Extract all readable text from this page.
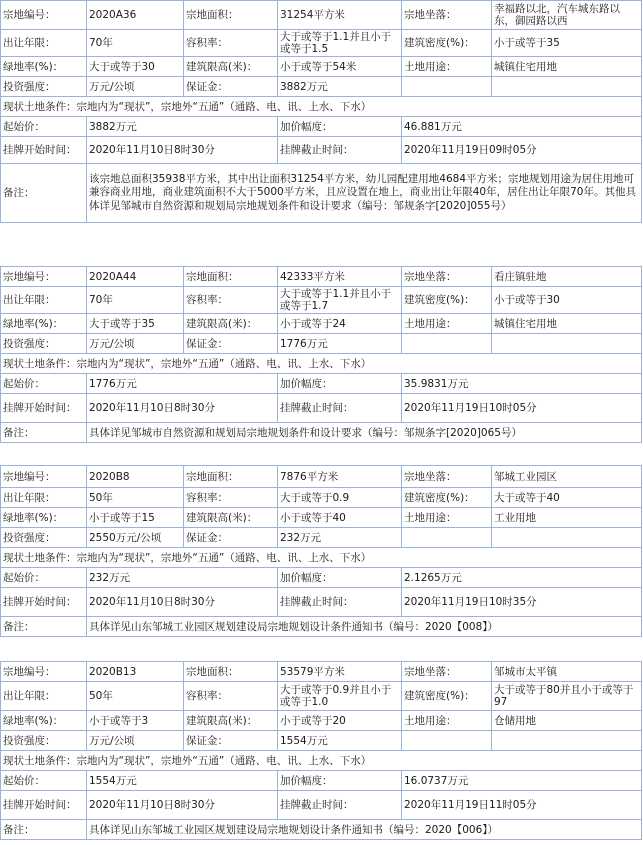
宗地编号：	2020A36	宗地面积：	31254平方米	宗地坐落：	幸福路以北，汽车城东路以东，御园路以西
出让年限：	70年	容积率：	大于或等于1.1并且小于或等于1.5	建筑密度(%)：	小于或等于35
绿地率(%)：	大于或等于30	建筑限高(米)：	小于或等于54米	土地用途：	城镇住宅用地
投资强度：	万元/公顷	保证金：	3882万元		
现状土地条件：宗地内为“现状”，宗地外“五通”（通路、电、讯、上水、下水）					
起始价：	3882万元		加价幅度：	46.881万元	
挂牌开始时间：	2020年11月10日8时30分		挂牌截止时间：	2020年11月19日09时05分	
备注：	该宗地总面积35938平方米，其中出让面积31254平方米，幼儿园配建用地4684平方米；宗地规划用途为居住用地可兼容商业用地，商业建筑面积不大于5000平方米，且应设置在地上，商业出让年限40年，居住出让年限70年。其他具体详见邹城市自然资源和规划局宗地规划条件和设计要求（编号：邹规条字[2020]055号）				
宗地编号：	2020A44	宗地面积：	42333平方米	宗地坐落：	看庄镇驻地
出让年限：	70年	容积率：	大于或等于1.1并且小于或等于1.7	建筑密度(%)：	小于或等于30
绿地率(%)：	大于或等于35	建筑限高(米)：	小于或等于24	土地用途：	城镇住宅用地
投资强度：	万元/公顷	保证金：	1776万元		
现状土地条件：宗地内为“现状”，宗地外“五通”（通路、电、讯、上水、下水）					
起始价：	1776万元		加价幅度：	35.9831万元	
挂牌开始时间：	2020年11月10日8时30分		挂牌截止时间：	2020年11月19日10时05分	
备注：	具体详见邹城市自然资源和规划局宗地规划条件和设计要求（编号：邹规条字[2020]065号）				
宗地编号：	2020B8	宗地面积：	7876平方米	宗地坐落：	邹城工业园区
出让年限：	50年	容积率：	大于或等于0.9	建筑密度(%)：	大于或等于40
绿地率(%)：	小于或等于15	建筑限高(米)：	小于或等于40	土地用途：	工业用地
投资强度：	2550万元/公顷	保证金：	232万元		
现状土地条件：宗地内为“现状”，宗地外“五通”（通路、电、讯、上水、下水）					
起始价：	232万元		加价幅度：	2.1265万元	
挂牌开始时间：	2020年11月10日8时30分		挂牌截止时间：	2020年11月19日10时35分	
备注：	具体详见山东邹城工业园区规划建设局宗地规划设计条件通知书（编号：2020【008】）				
宗地编号：	2020B13	宗地面积：	53579平方米	宗地坐落：	邹城市太平镇
出让年限：	50年	容积率：	大于或等于0.9并且小于或等于1.0	建筑密度(%)：	大于或等于80并且小于或等于97
绿地率(%)：	小于或等于3	建筑限高(米)：	小于或等于20	土地用途：	仓储用地
投资强度：	万元/公顷	保证金：	1554万元		
现状土地条件：宗地内为“现状”，宗地外“五通”（通路、电、讯、上水、下水）					
起始价：	1554万元		加价幅度：	16.0737万元	
挂牌开始时间：	2020年11月10日8时30分		挂牌截止时间：	2020年11月19日11时05分	
备注：	具体详见山东邹城工业园区规划建设局宗地规划设计条件通知书（编号：2020【006】）				
